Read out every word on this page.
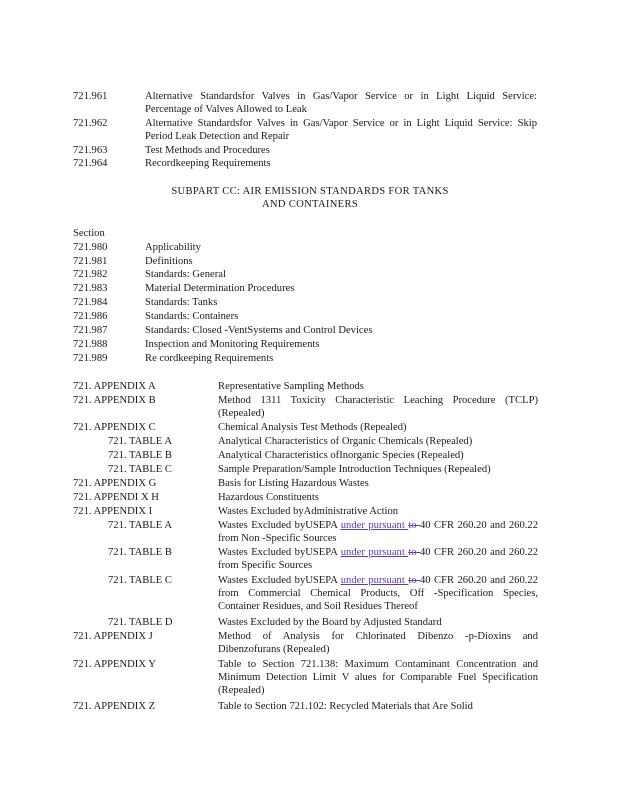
721.961	Alternative Standardsfor Valves in Gas/Vapor Service or in Light Liquid Service: Percentage of Valves Allowed to Leak
721.962	Alternative Standardsfor Valves in Gas/Vapor Service or in Light Liquid Service: Skip Period Leak Detection and Repair
721.963	Test Methods and Procedures
721.964	Recordkeeping Requirements
SUBPART CC: AIR EMISSION STANDARDS FOR TANKS AND CONTAINERS
Section
721.980	Applicability
721.981	Definitions
721.982	Standards: General
721.983	Material Determination Procedures
721.984	Standards: Tanks
721.986	Standards: Containers
721.987	Standards: Closed -VentSystems and Control Devices
721.988	Inspection and Monitoring Requirements
721.989	Re cordkeeping Requirements
721. APPENDIX A	Representative Sampling Methods
721. APPENDIX B	Method 1311 Toxicity Characteristic Leaching Procedure (TCLP) (Repealed)
721. APPENDIX C	Chemical Analysis Test Methods (Repealed)
721. TABLE A	Analytical Characteristics of Organic Chemicals (Repealed)
721. TABLE B	Analytical Characteristics ofInorganic Species (Repealed)
721. TABLE C	Sample Preparation/Sample Introduction Techniques (Repealed)
721. APPENDIX G	Basis for Listing Hazardous Wastes
721. APPENDI X H	Hazardous Constituents
721. APPENDIX I	Wastes Excluded byAdministrative Action
721. TABLE A	Wastes Excluded byUSEPA under pursuant to 40 CFR 260.20 and 260.22 from Non -Specific Sources
721. TABLE B	Wastes Excluded byUSEPA under pursuant to 40 CFR 260.20 and 260.22 from Specific Sources
721. TABLE C	Wastes Excluded byUSEPA under pursuant to 40 CFR 260.20 and 260.22 from Commercial Chemical Products, Off -Specification Species, Container Residues, and Soil Residues Thereof
721. TABLE D	Wastes Excluded by the Board by Adjusted Standard
721. APPENDIX J	Method of Analysis for Chlorinated Dibenzo -p-Dioxins and Dibenzofurans (Repealed)
721. APPENDIX Y	Table to Section 721.138: Maximum Contaminant Concentration and Minimum Detection Limit V alues for Comparable Fuel Specification (Repealed)
721. APPENDIX Z	Table to Section 721.102: Recycled Materials that Are Solid
